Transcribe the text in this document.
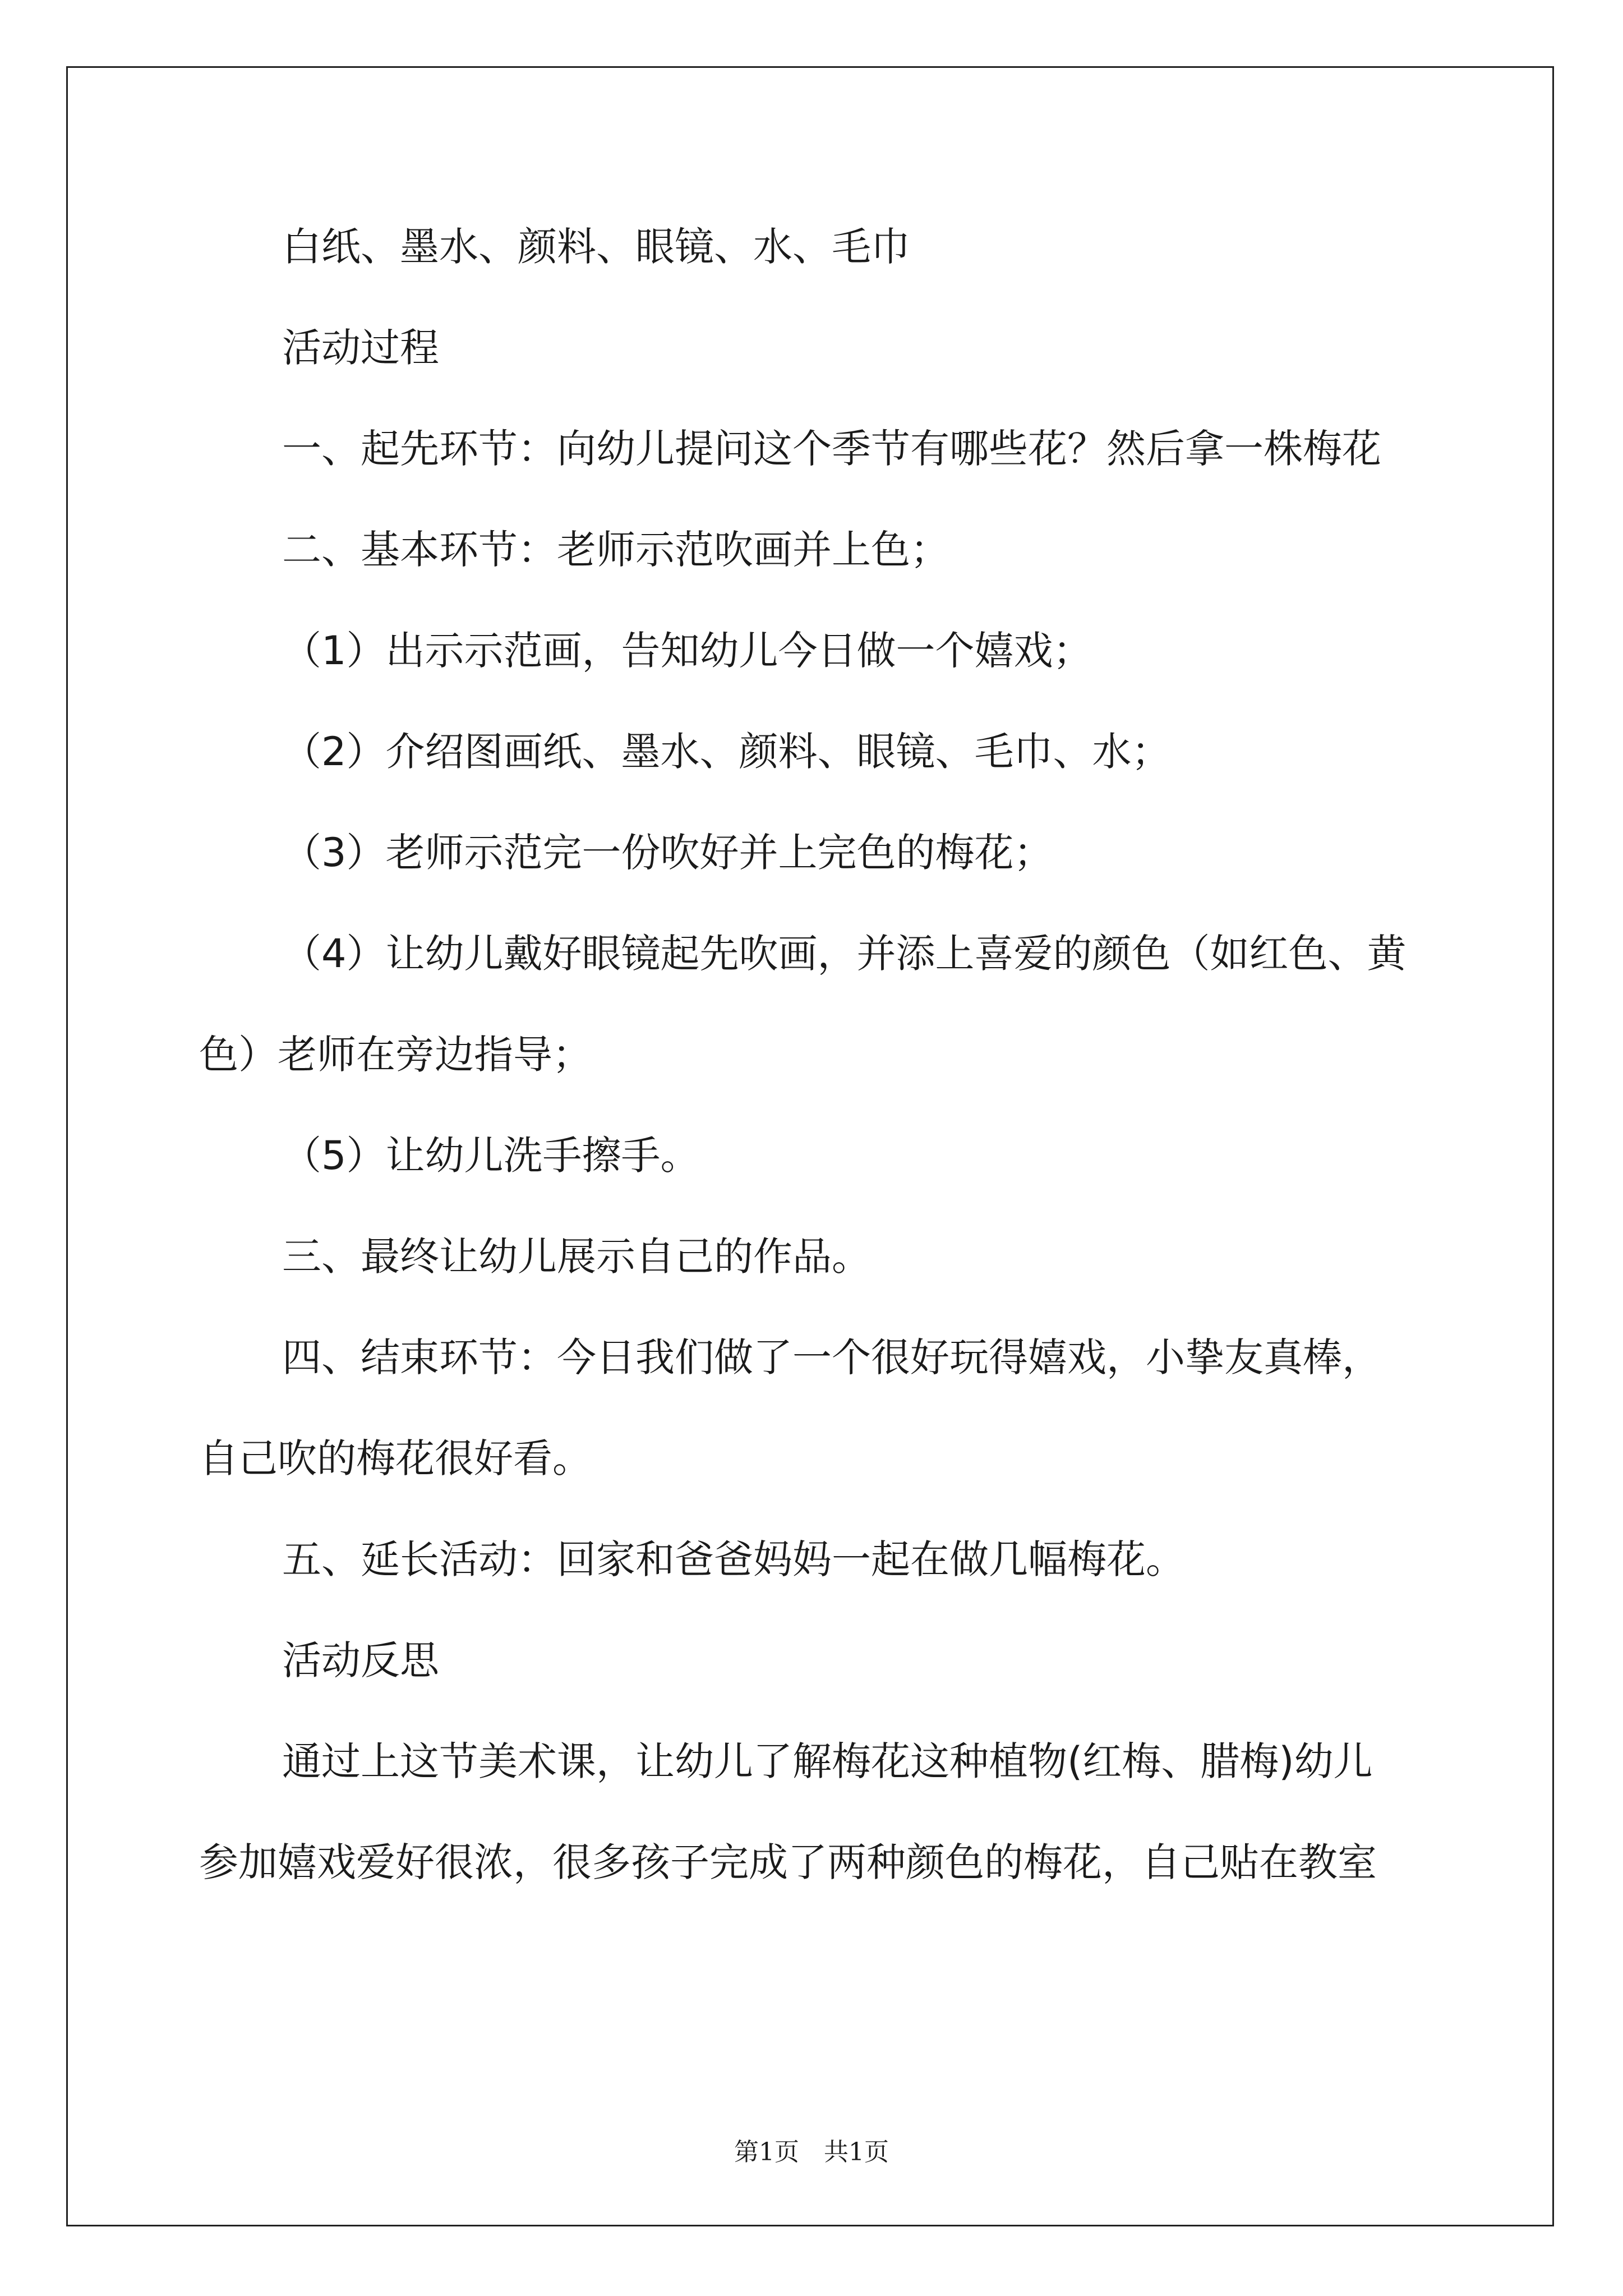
白纸、墨水、颜料、眼镜、水、毛巾

活动过程

一、起先环节：向幼儿提问这个季节有哪些花？然后拿一株梅花

二、基本环节：老师示范吹画并上色；

（1）出示示范画，告知幼儿今日做一个嬉戏；

（2）介绍图画纸、墨水、颜料、眼镜、毛巾、水；

（3）老师示范完一份吹好并上完色的梅花；

（4）让幼儿戴好眼镜起先吹画，并添上喜爱的颜色（如红色、黄

色）老师在旁边指导；

（5）让幼儿洗手擦手。

三、最终让幼儿展示自己的作品。

四、结束环节：今日我们做了一个很好玩得嬉戏，小挚友真棒，

自己吹的梅花很好看。

五、延长活动：回家和爸爸妈妈一起在做几幅梅花。

活动反思

通过上这节美术课，让幼儿了解梅花这种植物(红梅、腊梅)幼儿

参加嬉戏爱好很浓，很多孩子完成了两种颜色的梅花，自己贴在教室

第1页 共1页
